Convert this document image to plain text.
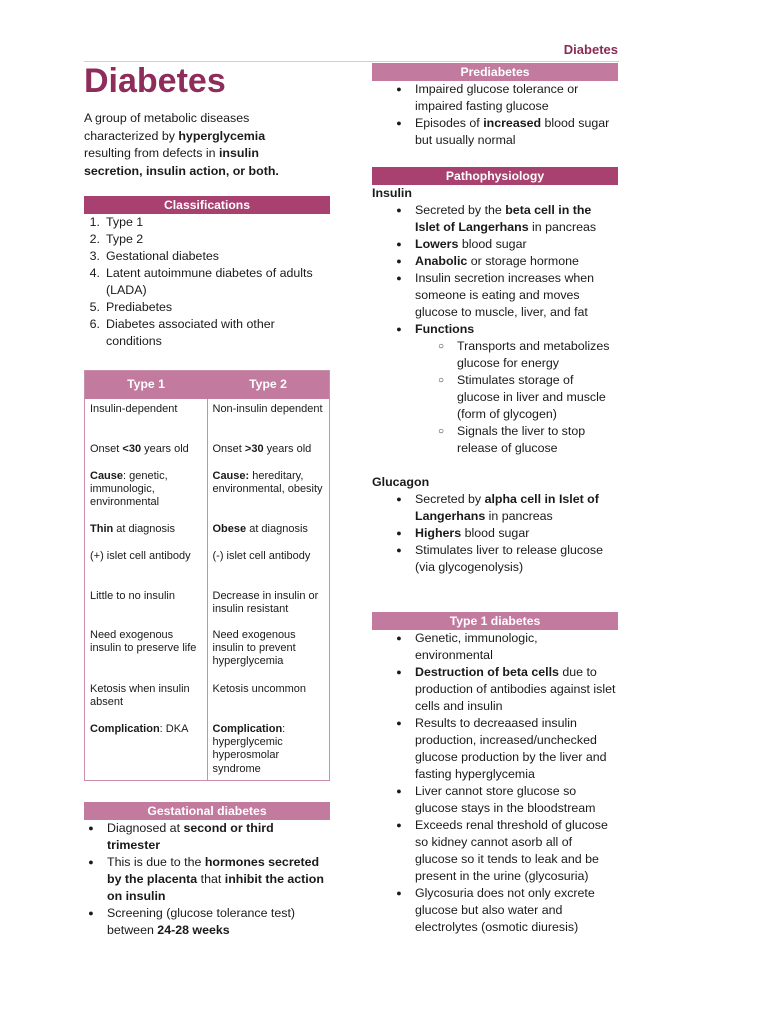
Diabetes
Diabetes

A group of metabolic diseases characterized by hyperglycemia resulting from defects in insulin secretion, insulin action, or both.

Classifications
1. Type 1
2. Type 2
3. Gestational diabetes
4. Latent autoimmune diabetes of adults (LADA)
5. Prediabetes
6. Diabetes associated with other conditions
Type 1	Type 2
Insulin-dependent	Non-insulin dependent
Onset <30 years old	Onset >30 years old
Cause: genetic, immunologic, environmental	Cause: hereditary, environmental, obesity
Thin at diagnosis	Obese at diagnosis
(+) islet cell antibody	(-) islet cell antibody
Little to no insulin	Decrease in insulin or insulin resistant
Need exogenous insulin to preserve life	Need exogenous insulin to prevent hyperglycemia
Ketosis when insulin absent	Ketosis uncommon
Complication: DKA	Complication: hyperglycemic hyperosmolar syndrome
Gestational diabetes
●	Diagnosed at second or third trimester
●	This is due to the hormones secreted by the placenta that inhibit the action on insulin
●	Screening (glucose tolerance test) between 24-28 weeks
Prediabetes
●	Impaired glucose tolerance or impaired fasting glucose
●	Episodes of increased blood sugar but usually normal
Pathophysiology
Insulin
●	Secreted by the beta cell in the Islet of Langerhans in pancreas
●	Lowers blood sugar
●	Anabolic or storage hormone
●	Insulin secretion increases when someone is eating and moves glucose to muscle, liver, and fat
●	Functions
○	Transports and metabolizes glucose for energy
○	Stimulates storage of glucose in liver and muscle (form of glycogen)
○	Signals the liver to stop release of glucose
Glucagon
●	Secreted by alpha cell in Islet of Langerhans in pancreas
●	Highers blood sugar
●	Stimulates liver to release glucose (via glycogenolysis)
Type 1 diabetes
●	Genetic, immunologic, environmental
●	Destruction of beta cells due to production of antibodies against islet cells and insulin
●	Results to decreaased insulin production, increased/unchecked glucose production by the liver and fasting hyperglycemia
●	Liver cannot store glucose so glucose stays in the bloodstream
●	Exceeds renal threshold of glucose so kidney cannot asorb all of glucose so it tends to leak and be present in the urine (glycosuria)
●	Glycosuria does not only excrete glucose but also water and electrolytes (osmotic diuresis)
